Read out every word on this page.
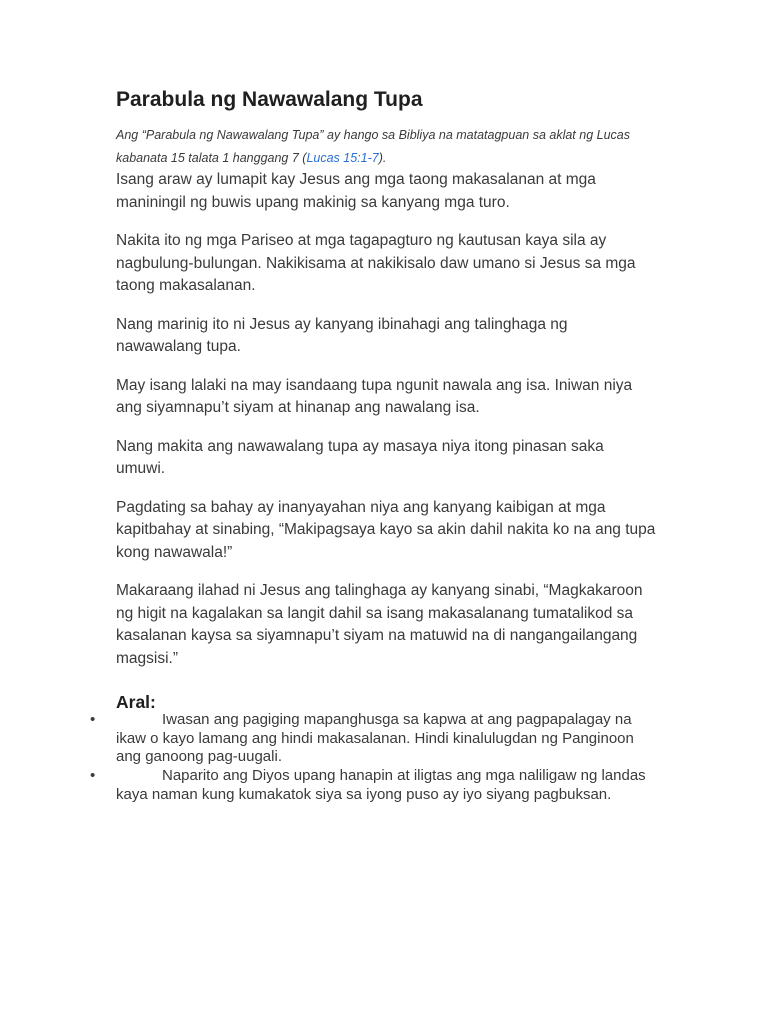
Parabula ng Nawawalang Tupa

Ang “Parabula ng Nawawalang Tupa” ay hango sa Bibliya na matatagpuan sa aklat ng Lucas kabanata 15 talata 1 hanggang 7 (Lucas 15:1-7).

Isang araw ay lumapit kay Jesus ang mga taong makasalanan at mga maniningil ng buwis upang makinig sa kanyang mga turo.

Nakita ito ng mga Pariseo at mga tagapagturo ng kautusan kaya sila ay nagbulung-bulungan. Nakikisama at nakikisalo daw umano si Jesus sa mga taong makasalanan.

Nang marinig ito ni Jesus ay kanyang ibinahagi ang talinghaga ng nawawalang tupa.

May isang lalaki na may isandaang tupa ngunit nawala ang isa. Iniwan niya ang siyamnapu’t siyam at hinanap ang nawalang isa.

Nang makita ang nawawalang tupa ay masaya niya itong pinasan saka umuwi.

Pagdating sa bahay ay inanyayahan niya ang kanyang kaibigan at mga kapitbahay at sinabing, “Makipagsaya kayo sa akin dahil nakita ko na ang tupa kong nawawala!”

Makaraang ilahad ni Jesus ang talinghaga ay kanyang sinabi, “Magkakaroon ng higit na kagalakan sa langit dahil sa isang makasalanang tumatalikod sa kasalanan kaysa sa siyamnapu’t siyam na matuwid na di nangangailangang magsisi.”

Aral:
•	Iwasan ang pagiging mapanghusga sa kapwa at ang pagpapalagay na ikaw o kayo lamang ang hindi makasalanan. Hindi kinalulugdan ng Panginoon ang ganoong pag-uugali.
•	Naparito ang Diyos upang hanapin at iligtas ang mga naliligaw ng landas kaya naman kung kumakatok siya sa iyong puso ay iyo siyang pagbuksan.
